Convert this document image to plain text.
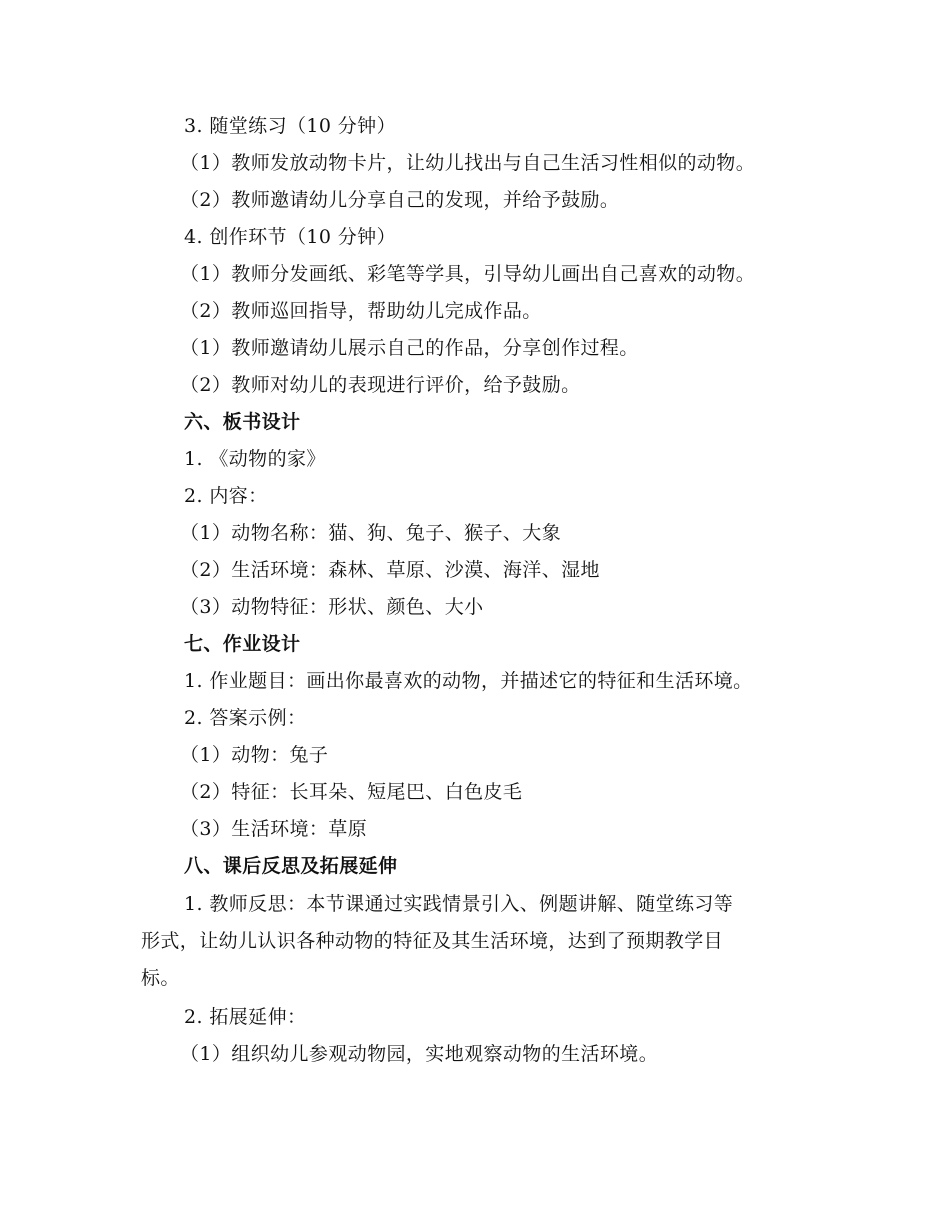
3. 随堂练习（10 分钟）
（1）教师发放动物卡片，让幼儿找出与自己生活习性相似的动物。
（2）教师邀请幼儿分享自己的发现，并给予鼓励。
4. 创作环节（10 分钟）
（1）教师分发画纸、彩笔等学具，引导幼儿画出自己喜欢的动物。
（2）教师巡回指导，帮助幼儿完成作品。
（1）教师邀请幼儿展示自己的作品，分享创作过程。
（2）教师对幼儿的表现进行评价，给予鼓励。
六、板书设计
1. 《动物的家》
2. 内容：
（1）动物名称：猫、狗、兔子、猴子、大象
（2）生活环境：森林、草原、沙漠、海洋、湿地
（3）动物特征：形状、颜色、大小
七、作业设计
1. 作业题目：画出你最喜欢的动物，并描述它的特征和生活环境。
2. 答案示例：
（1）动物：兔子
（2）特征：长耳朵、短尾巴、白色皮毛
（3）生活环境：草原
八、课后反思及拓展延伸
1. 教师反思：本节课通过实践情景引入、例题讲解、随堂练习等
形式，让幼儿认识各种动物的特征及其生活环境，达到了预期教学目
标。
2. 拓展延伸：
（1）组织幼儿参观动物园，实地观察动物的生活环境。
